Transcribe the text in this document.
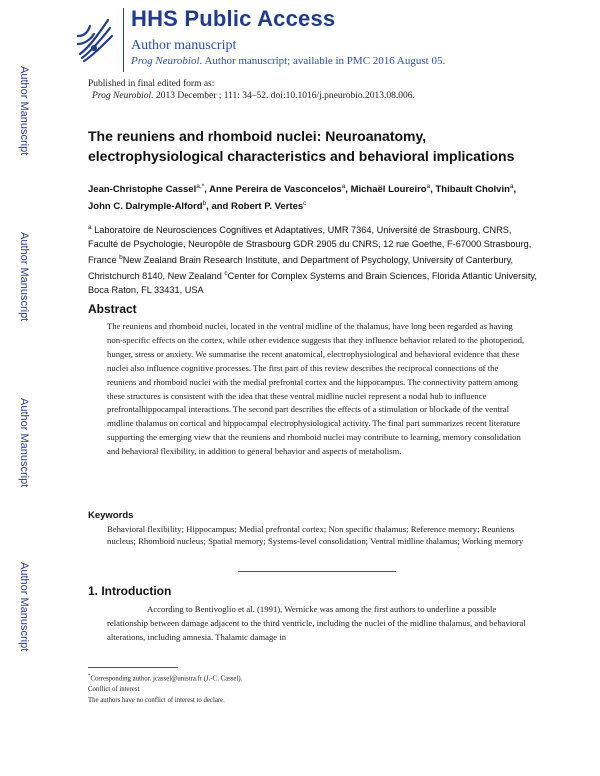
HHS Public Access
Author manuscript
Prog Neurobiol. Author manuscript; available in PMC 2016 August 05.
Published in final edited form as:
Prog Neurobiol. 2013 December ; 111: 34–52. doi:10.1016/j.pneurobio.2013.08.006.
Author Manuscript
Author Manuscript
Author Manuscript
Author Manuscript
The reuniens and rhomboid nuclei: Neuroanatomy, electrophysiological characteristics and behavioral implications
Jean-Christophe Cassel$^{a,*}$, Anne Pereira de Vasconcelos$^a$, Michaël Loureiro$^a$, Thibault Cholvin$^a$, John C. Dalrymple-Alford$^b$, and Robert P. Vertes$^c$
$^a$ Laboratoire de Neurosciences Cognitives et Adaptatives, UMR 7364, Université de Strasbourg, CNRS, Faculté de Psychologie, Neuropôle de Strasbourg GDR 2905 du CNRS, 12 rue Goethe, F-67000 Strasbourg, France $^b$New Zealand Brain Research Institute, and Department of Psychology, University of Canterbury, Christchurch 8140, New Zealand $^c$Center for Complex Systems and Brain Sciences, Florida Atlantic University, Boca Raton, FL 33431, USA
Abstract
The reuniens and rhomboid nuclei, located in the ventral midline of the thalamus, have long been regarded as having non-specific effects on the cortex, while other evidence suggests that they influence behavior related to the photoperiod, hunger, stress or anxiety. We summarise the recent anatomical, electrophysiological and behavioral evidence that these nuclei also influence cognitive processes. The first part of this review describes the reciprocal connections of the reuniens and rhomboid nuclei with the medial prefrontal cortex and the hippocampus. The connectivity pattern among these structures is consistent with the idea that these ventral midline nuclei represent a nodal hub to influence prefrontalhippocampal interactions. The second part describes the effects of a stimulation or blockade of the ventral midline thalamus on cortical and hippocampal electrophysiological activity. The final part summarizes recent literature supporting the emerging view that the reuniens and rhomboid nuclei may contribute to learning, memory consolidation and behavioral flexibility, in addition to general behavior and aspects of metabolism.
Keywords
Behavioral flexibility; Hippocampus; Medial prefrontal cortex; Non specific thalamus; Reference memory; Reuniens nucleus; Rhomboid nucleus; Spatial memory; Systems-level consolidation; Ventral midline thalamus; Working memory
1. Introduction
According to Bentivoglio et al. (1991), Wernicke was among the first authors to underline a possible relationship between damage adjacent to the third ventricle, including the nuclei of the midline thalamus, and behavioral alterations, including amnesia. Thalamic damage in
*Corresponding author. jcassel@unistra.fr (J.-C. Cassel).
Conflict of interest
The authors have no conflict of interest to declare.
